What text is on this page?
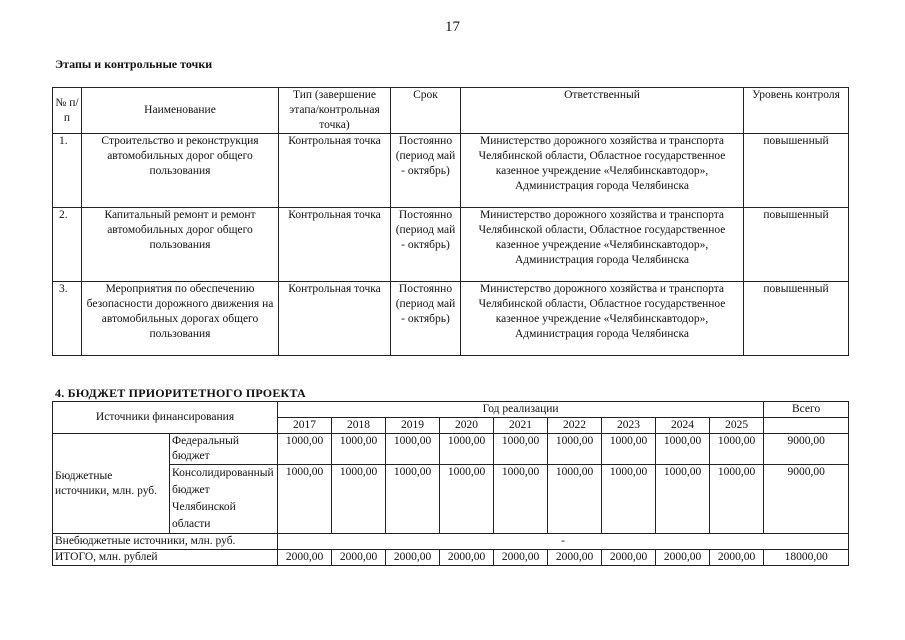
17
Этапы и контрольные точки
№ п/п	Наименование	Тип (завершение этапа/контрольная точка)	Срок	Ответственный	Уровень контроля
1.	Строительство и реконструкция автомобильных дорог общего пользования	Контрольная точка	Постоянно (период май - октябрь)	Министерство дорожного хозяйства и транспорта Челябинской области, Областное государственное казенное учреждение «Челябинскавтодор», Администрация города Челябинска	повышенный
2.	Капитальный ремонт и ремонт автомобильных дорог общего пользования	Контрольная точка	Постоянно (период май - октябрь)	Министерство дорожного хозяйства и транспорта Челябинской области, Областное государственное казенное учреждение «Челябинскавтодор», Администрация города Челябинска	повышенный
3.	Мероприятия по обеспечению безопасности дорожного движения на автомобильных дорогах общего пользования	Контрольная точка	Постоянно (период май - октябрь)	Министерство дорожного хозяйства и транспорта Челябинской области, Областное государственное казенное учреждение «Челябинскавтодор», Администрация города Челябинска	повышенный
4. БЮДЖЕТ ПРИОРИТЕТНОГО ПРОЕКТА
Источники финансирования		Год реализации									Всего
		2017	2018	2019	2020	2021	2022	2023	2024	2025	
Бюджетные источники, млн. руб.	Федеральный бюджет	1000,00	1000,00	1000,00	1000,00	1000,00	1000,00	1000,00	1000,00	1000,00	9000,00
	Консолидированный бюджет Челябинской области	1000,00	1000,00	1000,00	1000,00	1000,00	1000,00	1000,00	1000,00	1000,00	9000,00
Внебюджетные источники, млн. руб.		-									
ИТОГО, млн. рублей		2000,00	2000,00	2000,00	2000,00	2000,00	2000,00	2000,00	2000,00	2000,00	18000,00
